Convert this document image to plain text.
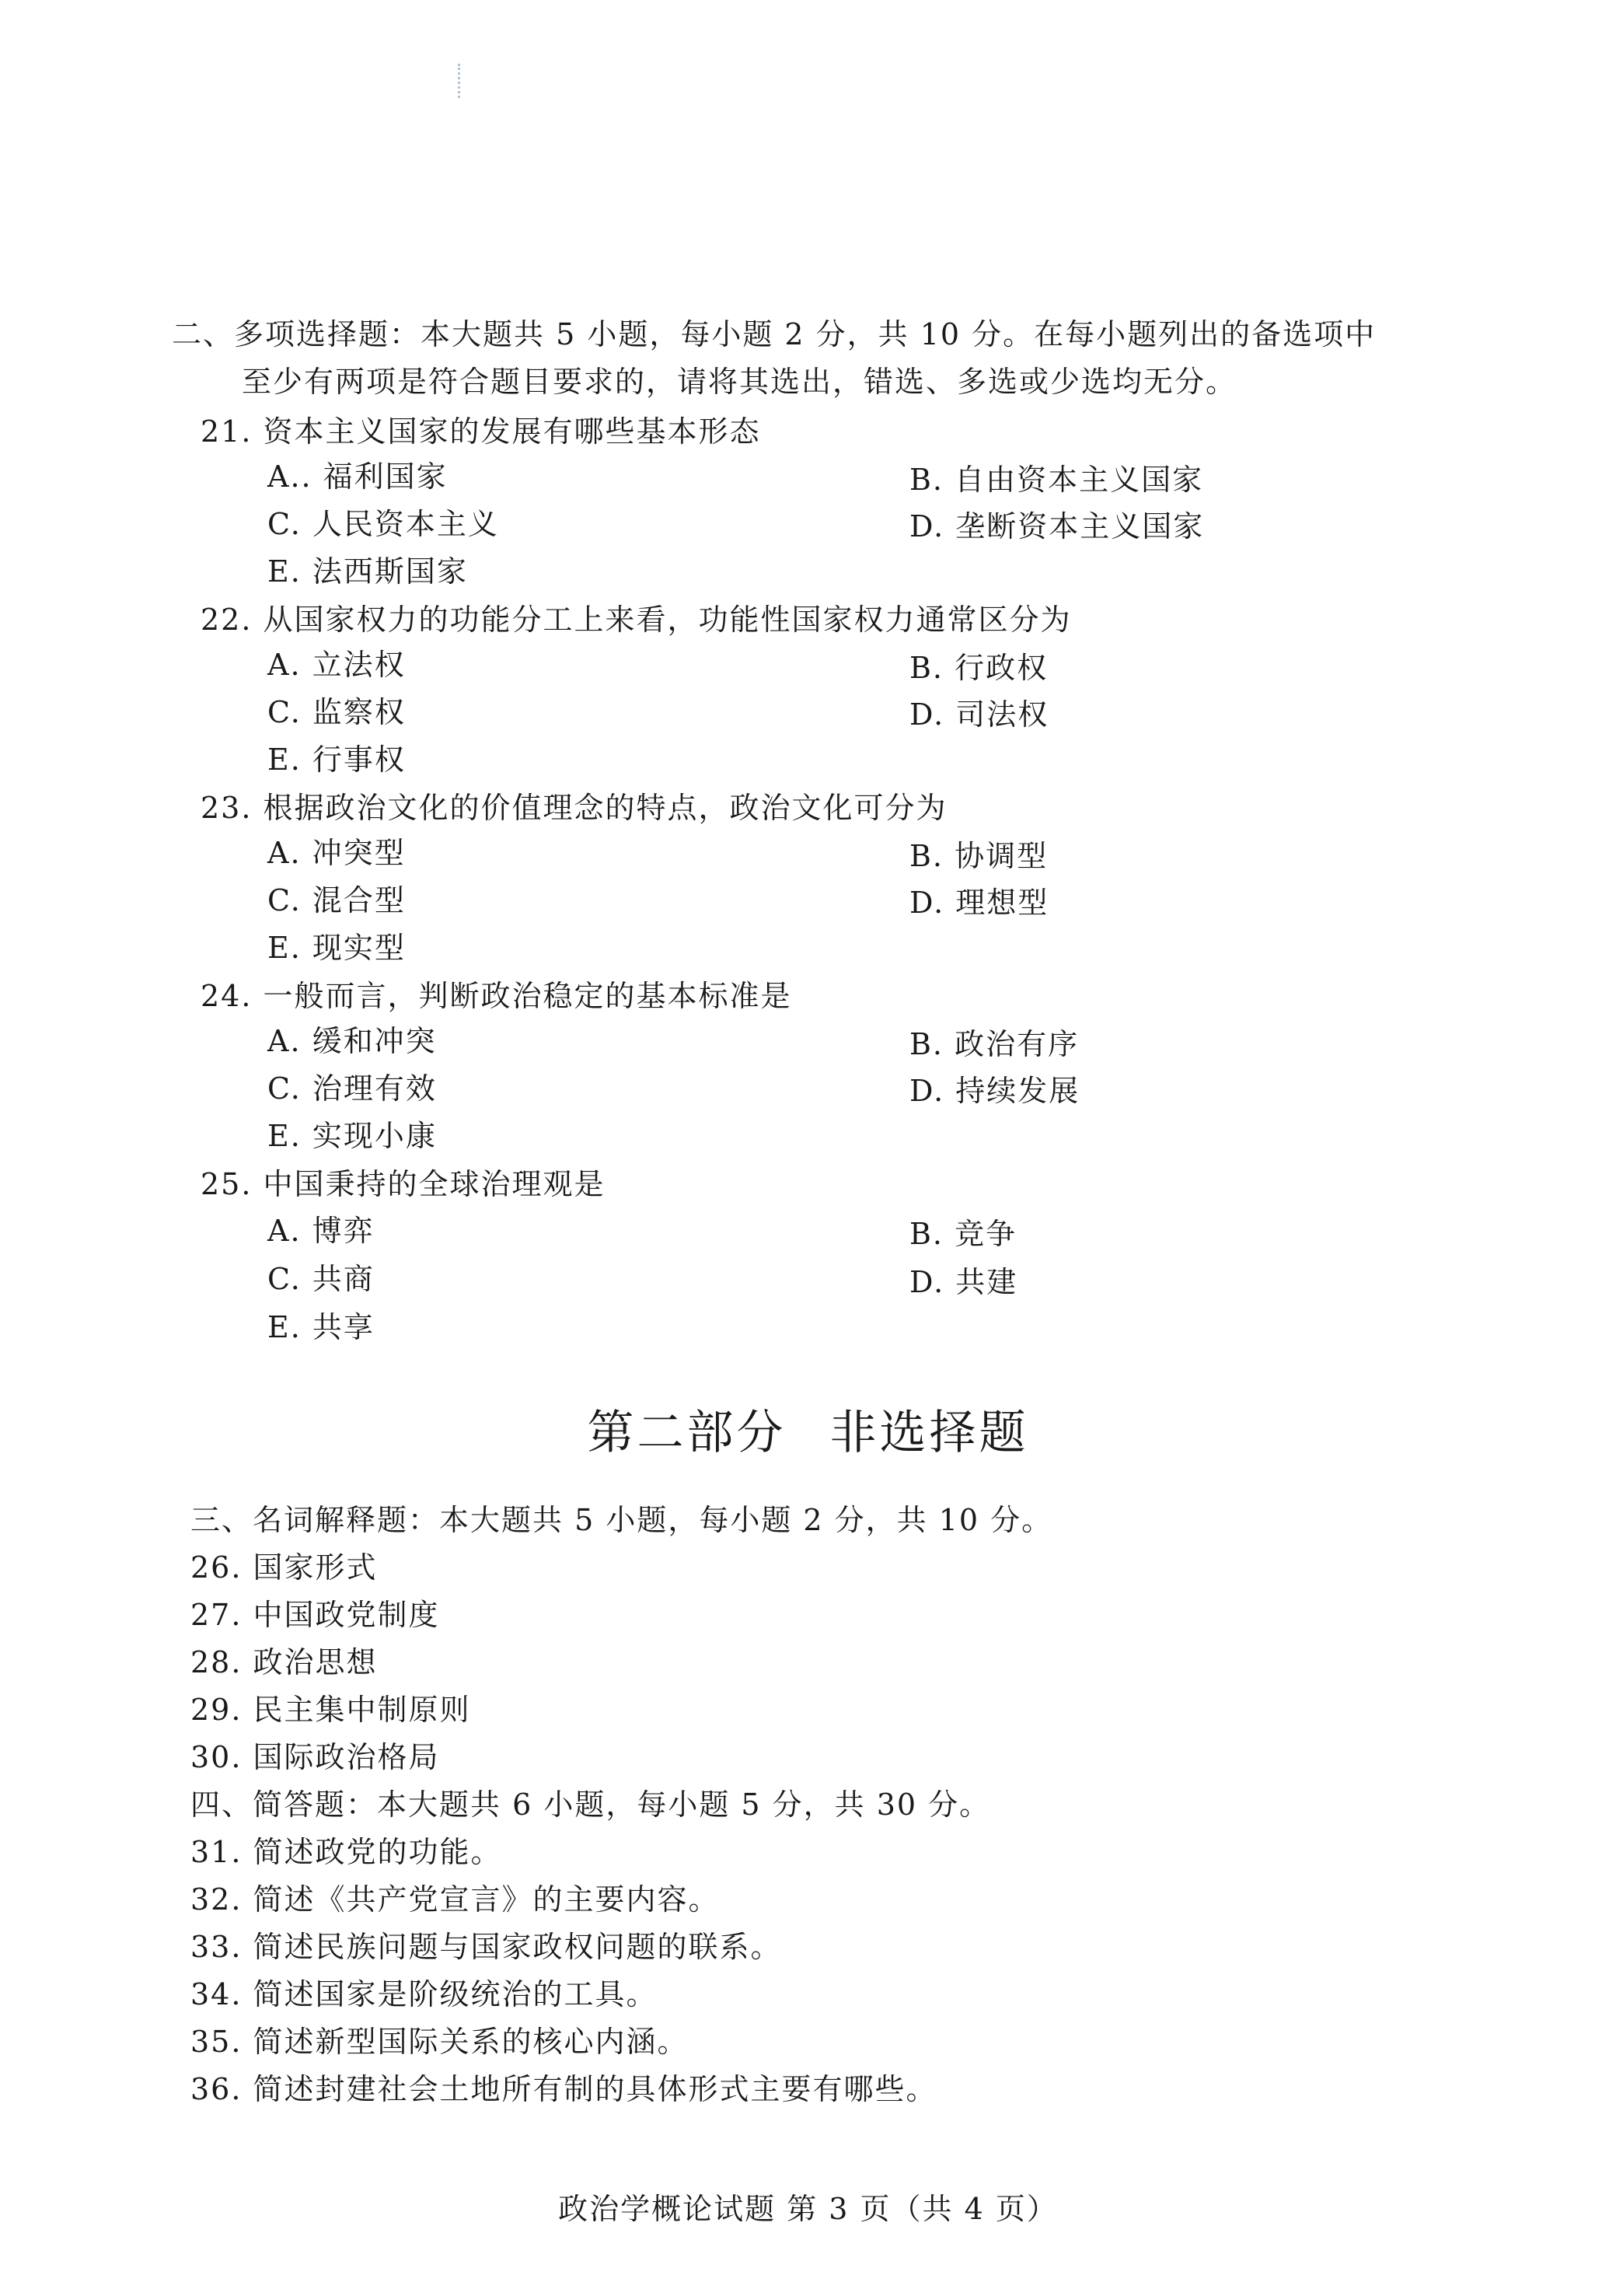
二、多项选择题：本大题共 5 小题，每小题 2 分，共 10 分。在每小题列出的备选项中
至少有两项是符合题目要求的，请将其选出，错选、多选或少选均无分。
21. 资本主义国家的发展有哪些基本形态
A.. 福利国家	B. 自由资本主义国家
C. 人民资本主义	D. 垄断资本主义国家
E. 法西斯国家
22. 从国家权力的功能分工上来看，功能性国家权力通常区分为
A. 立法权	B. 行政权
C. 监察权	D. 司法权
E. 行事权
23. 根据政治文化的价值理念的特点，政治文化可分为
A. 冲突型	B. 协调型
C. 混合型	D. 理想型
E. 现实型
24. 一般而言，判断政治稳定的基本标准是
A. 缓和冲突	B. 政治有序
C. 治理有效	D. 持续发展
E. 实现小康
25. 中国秉持的全球治理观是
A. 博弈	B. 竞争
C. 共商	D. 共建
E. 共享
第二部分 非选择题
三、名词解释题：本大题共 5 小题，每小题 2 分，共 10 分。
26. 国家形式
27. 中国政党制度
28. 政治思想
29. 民主集中制原则
30. 国际政治格局
四、简答题：本大题共 6 小题，每小题 5 分，共 30 分。
31. 简述政党的功能。
32. 简述《共产党宣言》的主要内容。
33. 简述民族问题与国家政权问题的联系。
34. 简述国家是阶级统治的工具。
35. 简述新型国际关系的核心内涵。
36. 简述封建社会土地所有制的具体形式主要有哪些。
政治学概论试题 第 3 页（共 4 页）
